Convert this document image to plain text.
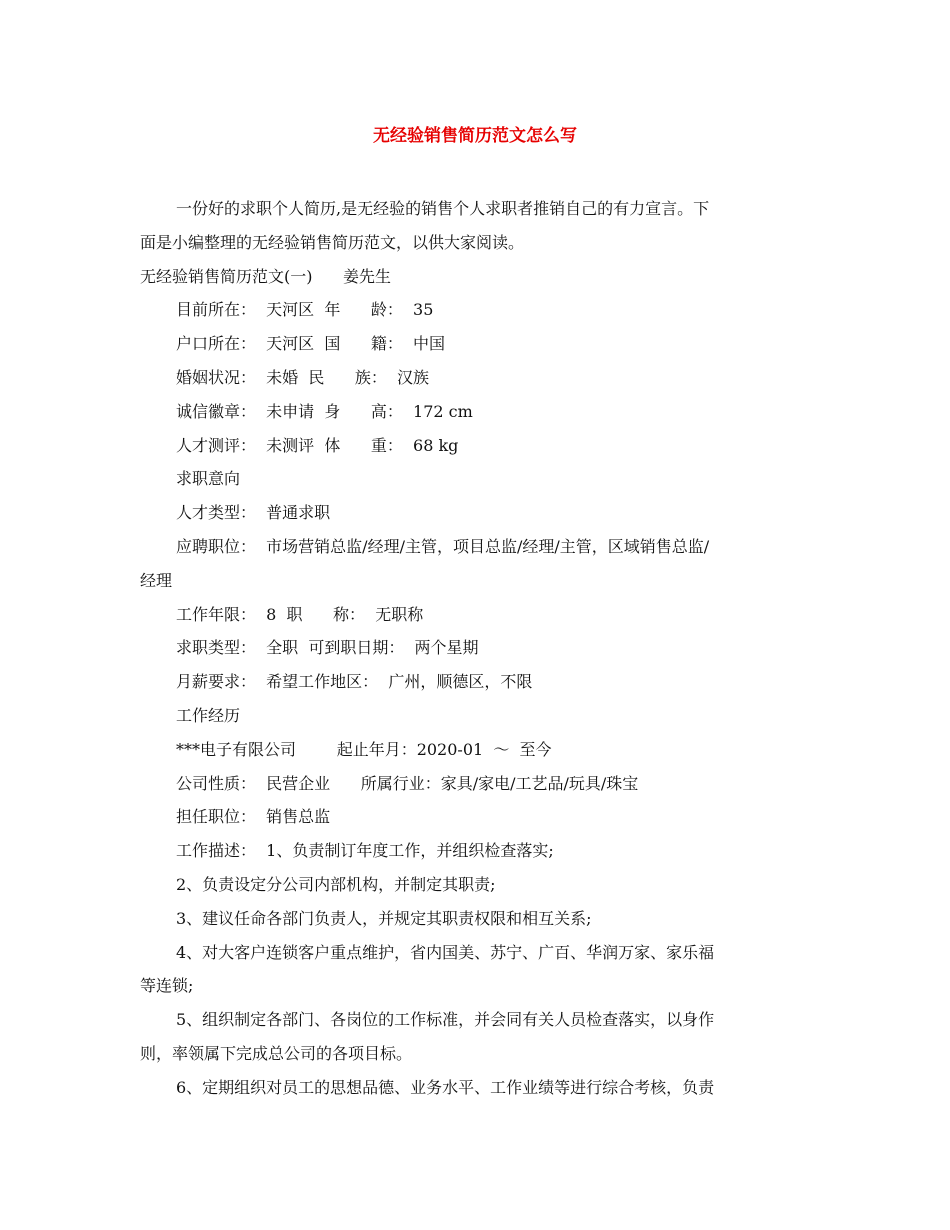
无经验销售简历范文怎么写
一份好的求职个人简历,是无经验的销售个人求职者推销自己的有力宣言。下
面是小编整理的无经验销售简历范文，以供大家阅读。
无经验销售简历范文(一)      姜先生
目前所在：  天河区  年      龄：  35
户口所在：  天河区  国      籍：  中国
婚姻状况：  未婚  民      族：  汉族
诚信徽章：  未申请  身      高：  172 cm
人才测评：  未测评  体      重：  68 kg
求职意向
人才类型：  普通求职
应聘职位：  市场营销总监/经理/主管，项目总监/经理/主管，区域销售总监/
经理
工作年限：  8  职      称：  无职称
求职类型：  全职  可到职日期：  两个星期
月薪要求：  希望工作地区：  广州，顺德区，不限
工作经历
***电子有限公司        起止年月：2020-01  ～  至今
公司性质：  民营企业      所属行业：家具/家电/工艺品/玩具/珠宝
担任职位：  销售总监
工作描述：  1、负责制订年度工作，并组织检查落实;
2、负责设定分公司内部机构，并制定其职责;
3、建议任命各部门负责人，并规定其职责权限和相互关系;
4、对大客户连锁客户重点维护，省内国美、苏宁、广百、华润万家、家乐福
等连锁;
5、组织制定各部门、各岗位的工作标准，并会同有关人员检查落实，以身作
则，率领属下完成总公司的各项目标。
6、定期组织对员工的思想品德、业务水平、工作业绩等进行综合考核，负责
